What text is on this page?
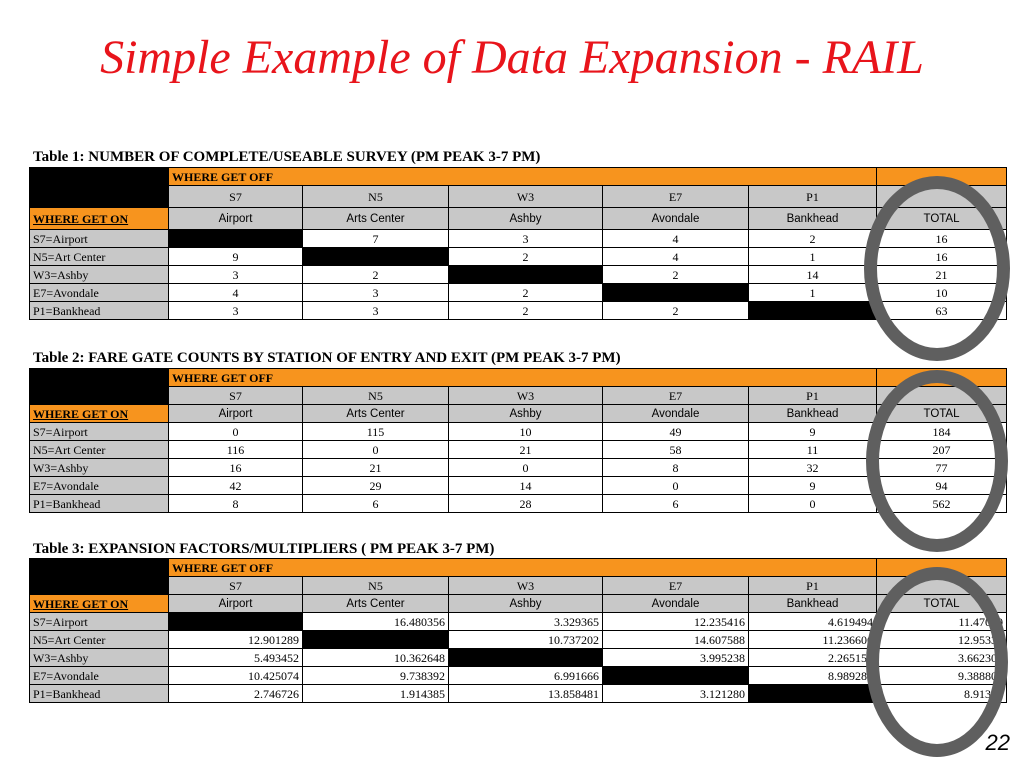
Simple Example of Data Expansion - RAIL
Table 1: NUMBER OF COMPLETE/USEABLE SURVEY (PM PEAK 3-7 PM)
	WHERE GET OFF					
	S7	N5	W3	E7	P1	
WHERE GET ON	Airport	Arts Center	Ashby	Avondale	Bankhead	TOTAL
S7=Airport		7	3	4	2	16
N5=Art Center	9		2	4	1	16
W3=Ashby	3	2		2	14	21
E7=Avondale	4	3	2		1	10
P1=Bankhead	3	3	2	2		63
Table 2: FARE GATE COUNTS BY STATION OF ENTRY AND EXIT (PM PEAK 3-7 PM)
	WHERE GET OFF					
	S7	N5	W3	E7	P1	
WHERE GET ON	Airport	Arts Center	Ashby	Avondale	Bankhead	TOTAL
S7=Airport	0	115	10	49	9	184
N5=Art Center	116	0	21	58	11	207
W3=Ashby	16	21	0	8	32	77
E7=Avondale	42	29	14	0	9	94
P1=Bankhead	8	6	28	6	0	562
Table 3: EXPANSION FACTORS/MULTIPLIERS ( PM PEAK 3-7 PM)
	WHERE GET OFF					
	S7	N5	W3	E7	P1	
WHERE GET ON	Airport	Arts Center	Ashby	Avondale	Bankhead	TOTAL
S7=Airport		16.480356	3.329365	12.235416	4.619494	11.47070
N5=Art Center	12.901289		10.737202	14.607588	11.236606	12.95331
W3=Ashby	5.493452	10.362648		3.995238	2.265157	3.662301
E7=Avondale	10.425074	9.738392	6.991666		8.989285	9.388809
P1=Bankhead	2.746726	1.914385	13.858481	3.121280		8.91397
22
